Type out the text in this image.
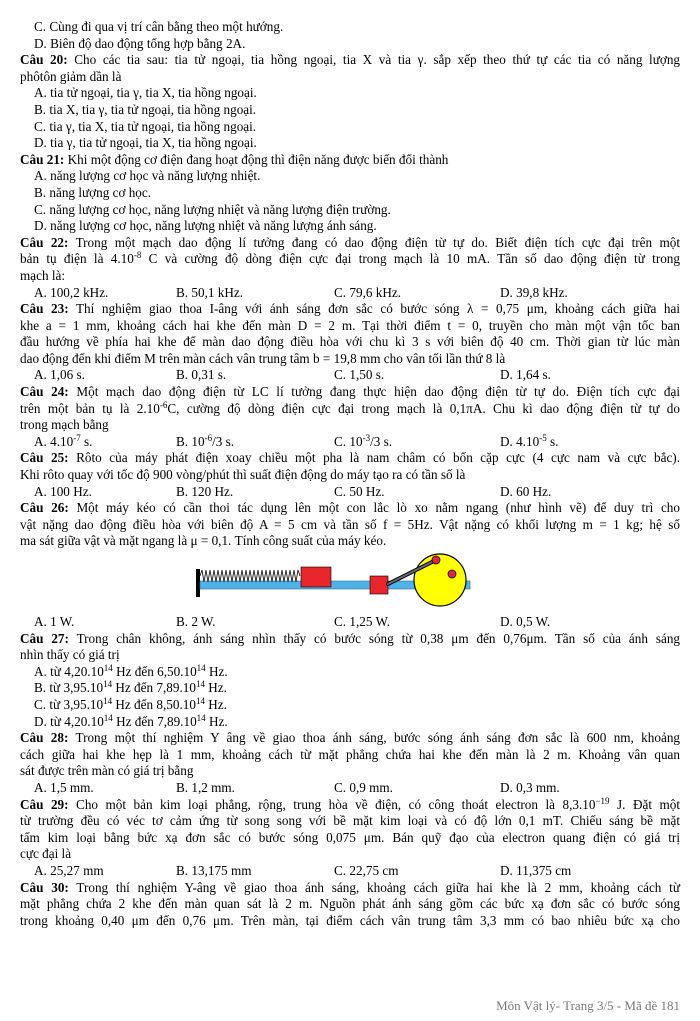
C. Cùng đi qua vị trí cân bằng theo một hướng.
D. Biên độ dao động tổng hợp bằng 2A.
Câu 20: Cho các tia sau: tia tử ngoại, tia hồng ngoại, tia X và tia γ. sắp xếp theo thứ tự các tia có năng lượng
phôtôn giảm dần là
A. tia tử ngoại, tia γ, tia X, tia hồng ngoại.
B. tia X, tia γ, tia tử ngoại, tia hồng ngoại.
C. tia γ, tia X, tia tử ngoại, tia hồng ngoại.
D. tia γ, tia tử ngoại, tia X, tia hồng ngoại.
Câu 21: Khi một động cơ điện đang hoạt động thì điện năng được biến đổi thành
A. năng lượng cơ học và năng lượng nhiệt.
B. năng lượng cơ học.
C. năng lượng cơ học, năng lượng nhiệt và năng lượng điện trường.
D. năng lượng cơ học, năng lượng nhiệt và năng lượng ánh sáng.
Câu 22: Trong một mạch dao động lí tưởng đang có dao động điện từ tự do. Biết điện tích cực đại trên một
bản tụ điện là $4.10^{-8}$ C và cường độ dòng điện cực đại trong mạch là 10 mA. Tần số dao động điện từ trong
mạch là:
A. 100,2 kHz.	B. 50,1 kHz.	C. 79,6 kHz.	D. 39,8 kHz.
Câu 23: Thí nghiệm giao thoa I-âng với ánh sáng đơn sắc có bước sóng λ = 0,75 μm, khoảng cách giữa hai
khe a = 1 mm, khoảng cách hai khe đến màn D = 2 m. Tại thời điểm t = 0, truyền cho màn một vận tốc ban
đầu hướng về phía hai khe để màn dao động điều hòa với chu kì 3 s với biên độ 40 cm. Thời gian từ lúc màn
dao động đến khi điểm M trên màn cách vân trung tâm b = 19,8 mm cho vân tối lần thứ 8 là
A. 1,06 s.	B. 0,31 s.	C. 1,50 s.	D. 1,64 s.
Câu 24: Một mạch dao động điện từ LC lí tưởng đang thực hiện dao động điện từ tự do. Điện tích cực đại
trên một bản tụ là $2.10^{-6}C$, cường độ dòng điện cực đại trong mạch là 0,1πA. Chu kì dao động điện từ tự do
trong mạch bằng
A. $4.10^{-7}$ s.	B. $10^{-6}/3$ s.	C. $10^{-3}/3$ s.	D. $4.10^{-5}$ s.
Câu 25: Rôto của máy phát điện xoay chiều một pha là nam châm có bốn cặp cực (4 cực nam và cực bắc).
Khi rôto quay với tốc độ 900 vòng/phút thì suất điện động do máy tạo ra có tần số là
A. 100 Hz.	B. 120 Hz.	C. 50 Hz.	D. 60 Hz.
Câu 26: Một máy kéo có cần thoi tác dụng lên một con lắc lò xo nằm ngang (như hình vẽ) để duy trì cho
vật nặng dao động điều hòa với biên độ A = 5 cm và tần số f = 5Hz. Vật nặng có khối lượng m = 1 kg; hệ số
ma sát giữa vật và mặt ngang là μ = 0,1. Tính công suất của máy kéo.
A. 1 W.	B. 2 W.	C. 1,25 W.	D. 0,5 W.
Câu 27: Trong chân không, ánh sáng nhìn thấy có bước sóng từ 0,38 μm đến 0,76μm. Tần số của ánh sáng
nhìn thấy có giá trị
A. từ 4,20.10$^{14}$ Hz đến 6,50.10$^{14}$ Hz.
B. từ 3,95.10$^{14}$ Hz đến 7,89.10$^{14}$ Hz.
C. từ 3,95.10$^{14}$ Hz đến 8,50.10$^{14}$ Hz.
D. từ 4,20.10$^{14}$ Hz đến 7,89.10$^{14}$ Hz.
Câu 28: Trong một thí nghiệm Y âng về giao thoa ánh sáng, bước sóng ánh sáng đơn sắc là 600 nm, khoảng
cách giữa hai khe hẹp là 1 mm, khoảng cách từ mặt phẳng chứa hai khe đến màn là 2 m. Khoảng vân quan
sát được trên màn có giá trị bằng
A. 1,5 mm.	B. 1,2 mm.	C. 0,9 mm.	D. 0,3 mm.
Câu 29: Cho một bản kim loại phẳng, rộng, trung hòa về điện, có công thoát electron là $8,3.10^{-19}$ J. Đặt một
từ trường đều có véc tơ cảm ứng từ song song với bề mặt kim loại và có độ lớn 0,1 mT. Chiếu sáng bề mặt
tấm kim loại bằng bức xạ đơn sắc có bước sóng 0,075 μm. Bán quỹ đạo của electron quang điện có giá trị
cực đại là
A. 25,27 mm	B. 13,175 mm	C. 22,75 cm	D. 11,375 cm
Câu 30: Trong thí nghiệm Y-âng về giao thoa ánh sáng, khoảng cách giữa hai khe là 2 mm, khoảng cách từ
mặt phẳng chứa 2 khe đến màn quan sát là 2 m. Nguồn phát ánh sáng gồm các bức xạ đơn sắc có bước sóng
trong khoảng 0,40 μm đến 0,76 μm. Trên màn, tại điểm cách vân trung tâm 3,3 mm có bao nhiêu bức xạ cho
Môn Vật lý- Trang 3/5 - Mã đề 181
